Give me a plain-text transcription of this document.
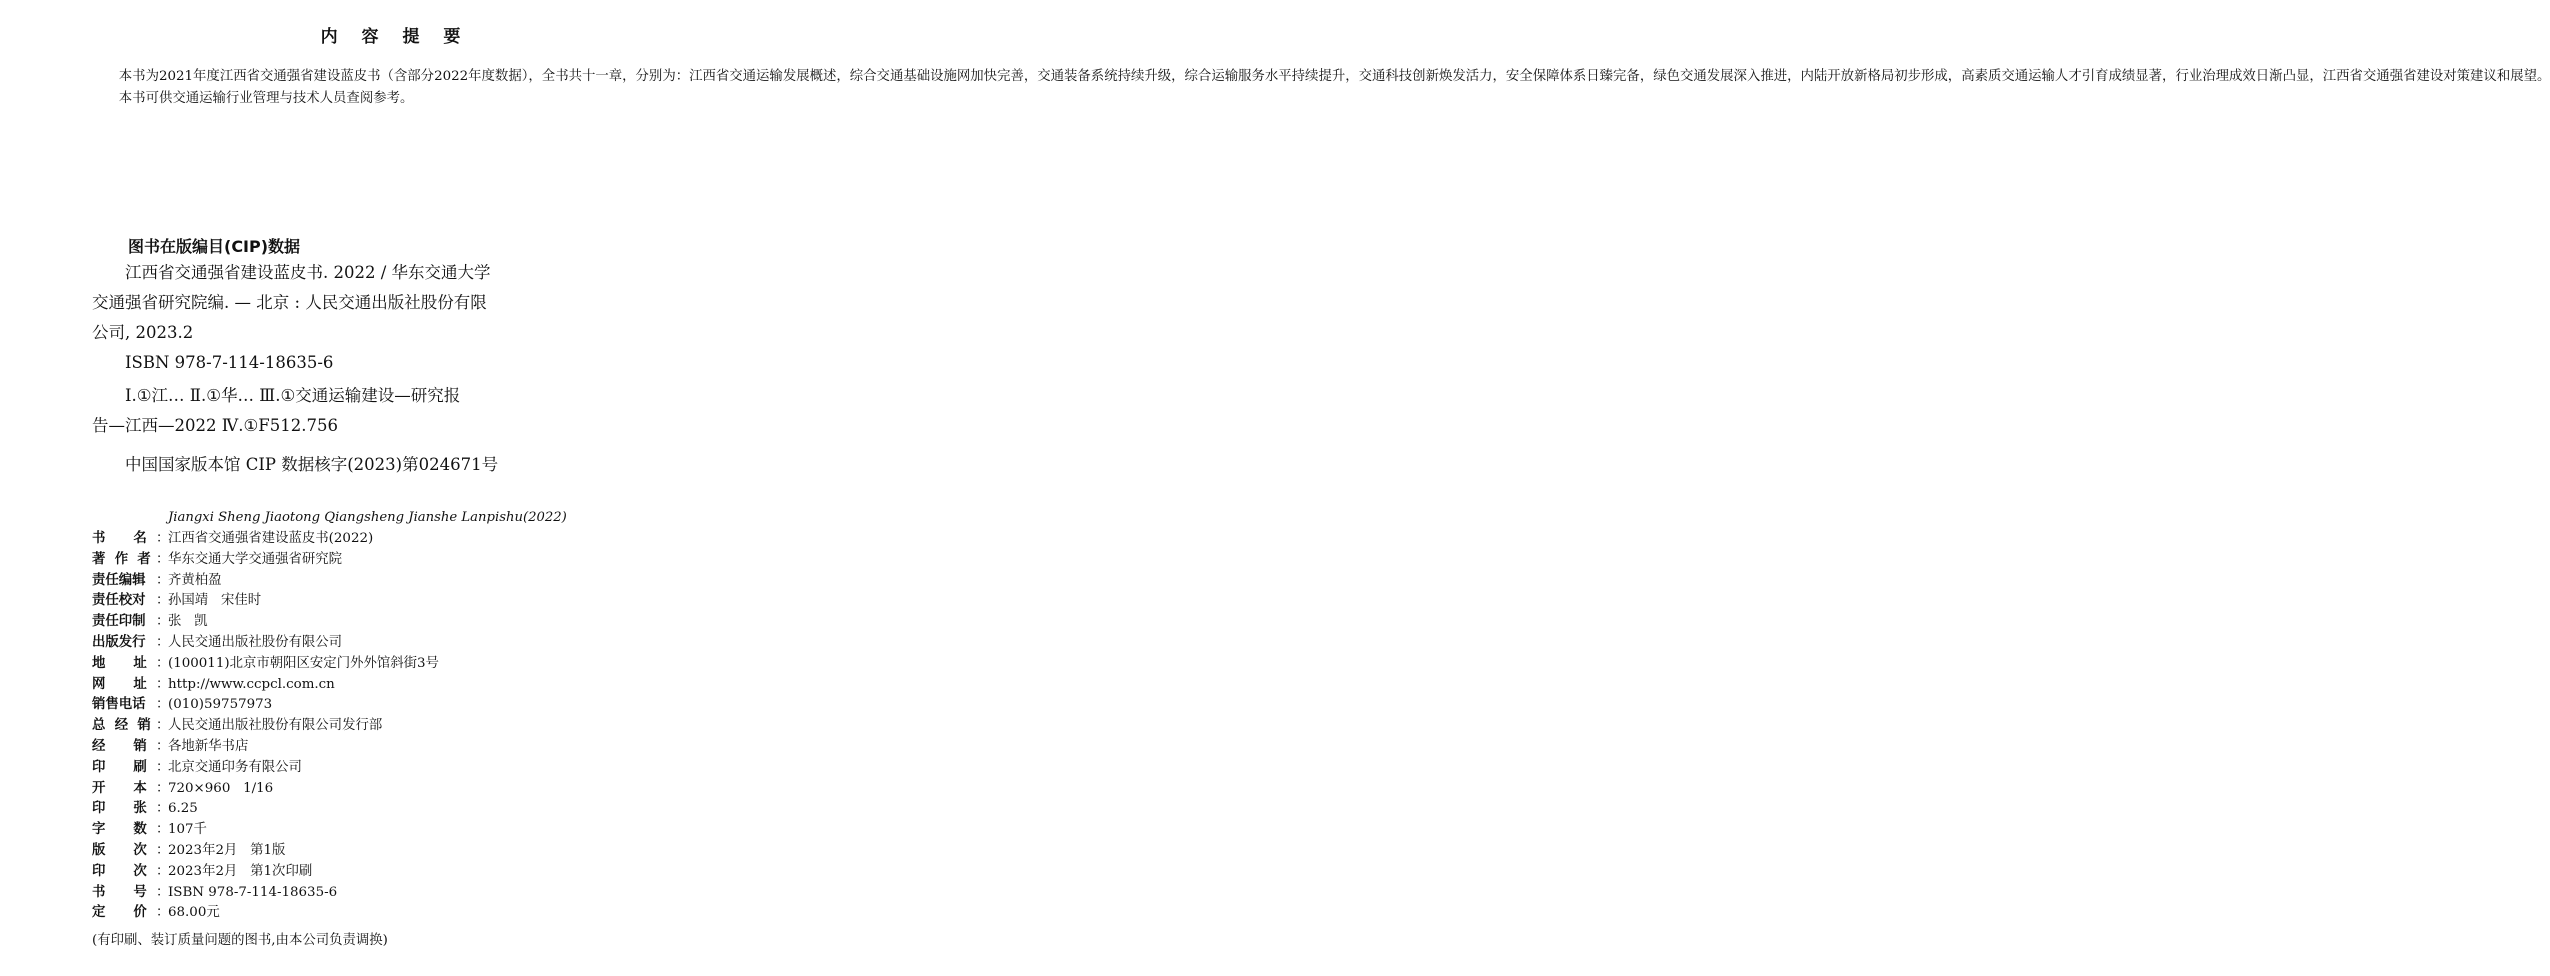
内 容 提 要

本书为2021年度江西省交通强省建设蓝皮书（含部分2022年度数据），全书共十一章，分别为：江西省交通运输发展概述，综合交通基础设施网加快完善，交通装备系统持续升级，综合运输服务水平持续提升，交通科技创新焕发活力，安全保障体系日臻完备，绿色交通发展深入推进，内陆开放新格局初步形成，高素质交通运输人才引育成绩显著，行业治理成效日渐凸显，江西省交通强省建设对策建议和展望。

本书可供交通运输行业管理与技术人员查阅参考。

图书在版编目(CIP)数据

江西省交通强省建设蓝皮书. 2022 / 华东交通大学

交通强省研究院编. — 北京 : 人民交通出版社股份有限

公司, 2023.2

ISBN 978-7-114-18635-6

Ⅰ.①江… Ⅱ.①华… Ⅲ.①交通运输建设—研究报

告—江西—2022 Ⅳ.①F512.756

中国国家版本馆 CIP 数据核字(2023)第024671号

Jiangxi Sheng Jiaotong Qiangsheng Jianshe Lanpishu(2022)
书      名 ：
江西省交通强省建设蓝皮书(2022)
著  作  者 ：
华东交通大学交通强省研究院
责任编辑 ：
齐黄柏盈
责任校对 ：
孙国靖   宋佳时
责任印制 ：
张   凯
出版发行 ：
人民交通出版社股份有限公司
地      址 ：
(100011)北京市朝阳区安定门外外馆斜街3号
网      址 ：
http://www.ccpcl.com.cn
销售电话 ：
(010)59757973
总  经  销 ：
人民交通出版社股份有限公司发行部
经      销 ：
各地新华书店
印      刷 ：
北京交通印务有限公司
开      本 ：
720×960   1/16
印      张 ：
6.25
字      数 ：
107千
版      次 ：
2023年2月   第1版
印      次 ：
2023年2月   第1次印刷
书      号 ：
ISBN 978-7-114-18635-6
定      价 ：
68.00元
(有印刷、装订质量问题的图书,由本公司负责调换)
